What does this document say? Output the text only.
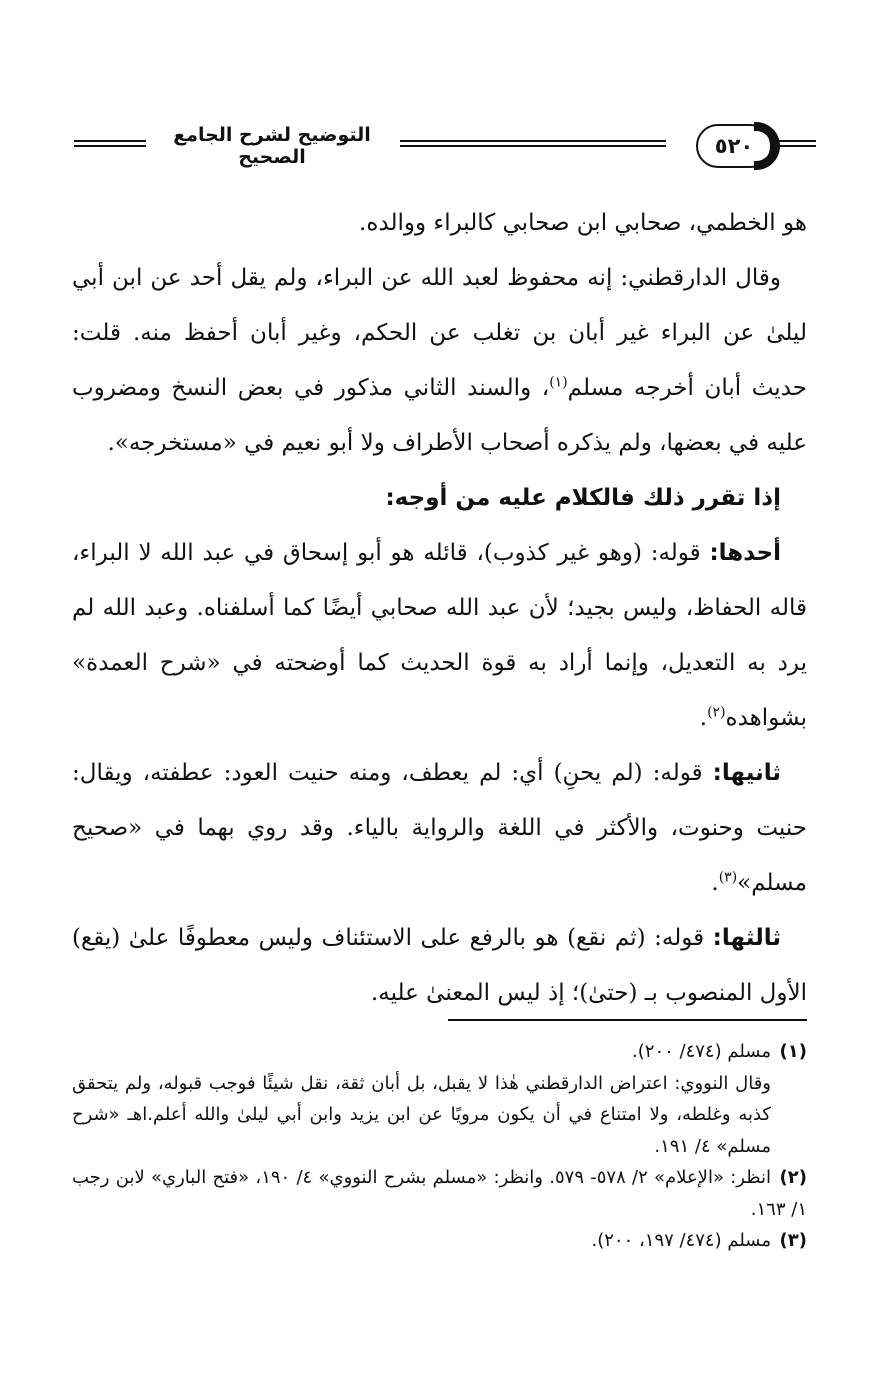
التوضيح لشرح الجامع الصحيح	٥٢٠

هو الخطمي، صحابي ابن صحابي كالبراء ووالده.

وقال الدارقطني: إنه محفوظ لعبد الله عن البراء، ولم يقل أحد عن ابن أبي ليلىٰ عن البراء غير أبان بن تغلب عن الحكم، وغير أبان أحفظ منه. قلت: حديث أبان أخرجه مسلم$^{(١)}$، والسند الثاني مذكور في بعض النسخ ومضروب عليه في بعضها، ولم يذكره أصحاب الأطراف ولا أبو نعيم في «مستخرجه».

إذا تقرر ذلك فالكلام عليه من أوجه:

أحدها: قوله: (وهو غير كذوب)، قائله هو أبو إسحاق في عبد الله لا البراء، قاله الحفاظ، وليس بجيد؛ لأن عبد الله صحابي أيضًا كما أسلفناه. وعبد الله لم يرد به التعديل، وإنما أراد به قوة الحديث كما أوضحته في «شرح العمدة» بشواهده$^{(٢)}$.

ثانيها: قوله: (لم يحنِ) أي: لم يعطف، ومنه حنيت العود: عطفته، ويقال: حنيت وحنوت، والأكثر في اللغة والرواية بالياء. وقد روي بهما في «صحيح مسلم»$^{(٣)}$.

ثالثها: قوله: (ثم نقع) هو بالرفع على الاستئناف وليس معطوفًا علىٰ (يقع) الأول المنصوب بـ (حتىٰ)؛ إذ ليس المعنىٰ عليه.

(١)مسلم (٤٧٤/ ٢٠٠).

وقال النووي: اعتراض الدارقطني هٰذا لا يقبل، بل أبان ثقة، نقل شيئًا فوجب قبوله، ولم يتحقق كذبه وغلطه، ولا امتناع في أن يكون مرويًا عن ابن يزيد وابن أبي ليلىٰ والله أعلم.اهـ «شرح مسلم» ٤/ ١٩١.

(٢)انظر: «الإعلام» ٢/ ٥٧٨- ٥٧٩. وانظر: «مسلم بشرح النووي» ٤/ ١٩٠، «فتح الباري» لابن رجب ١/ ١٦٣.

(٣)مسلم (٤٧٤/ ١٩٧، ٢٠٠).
